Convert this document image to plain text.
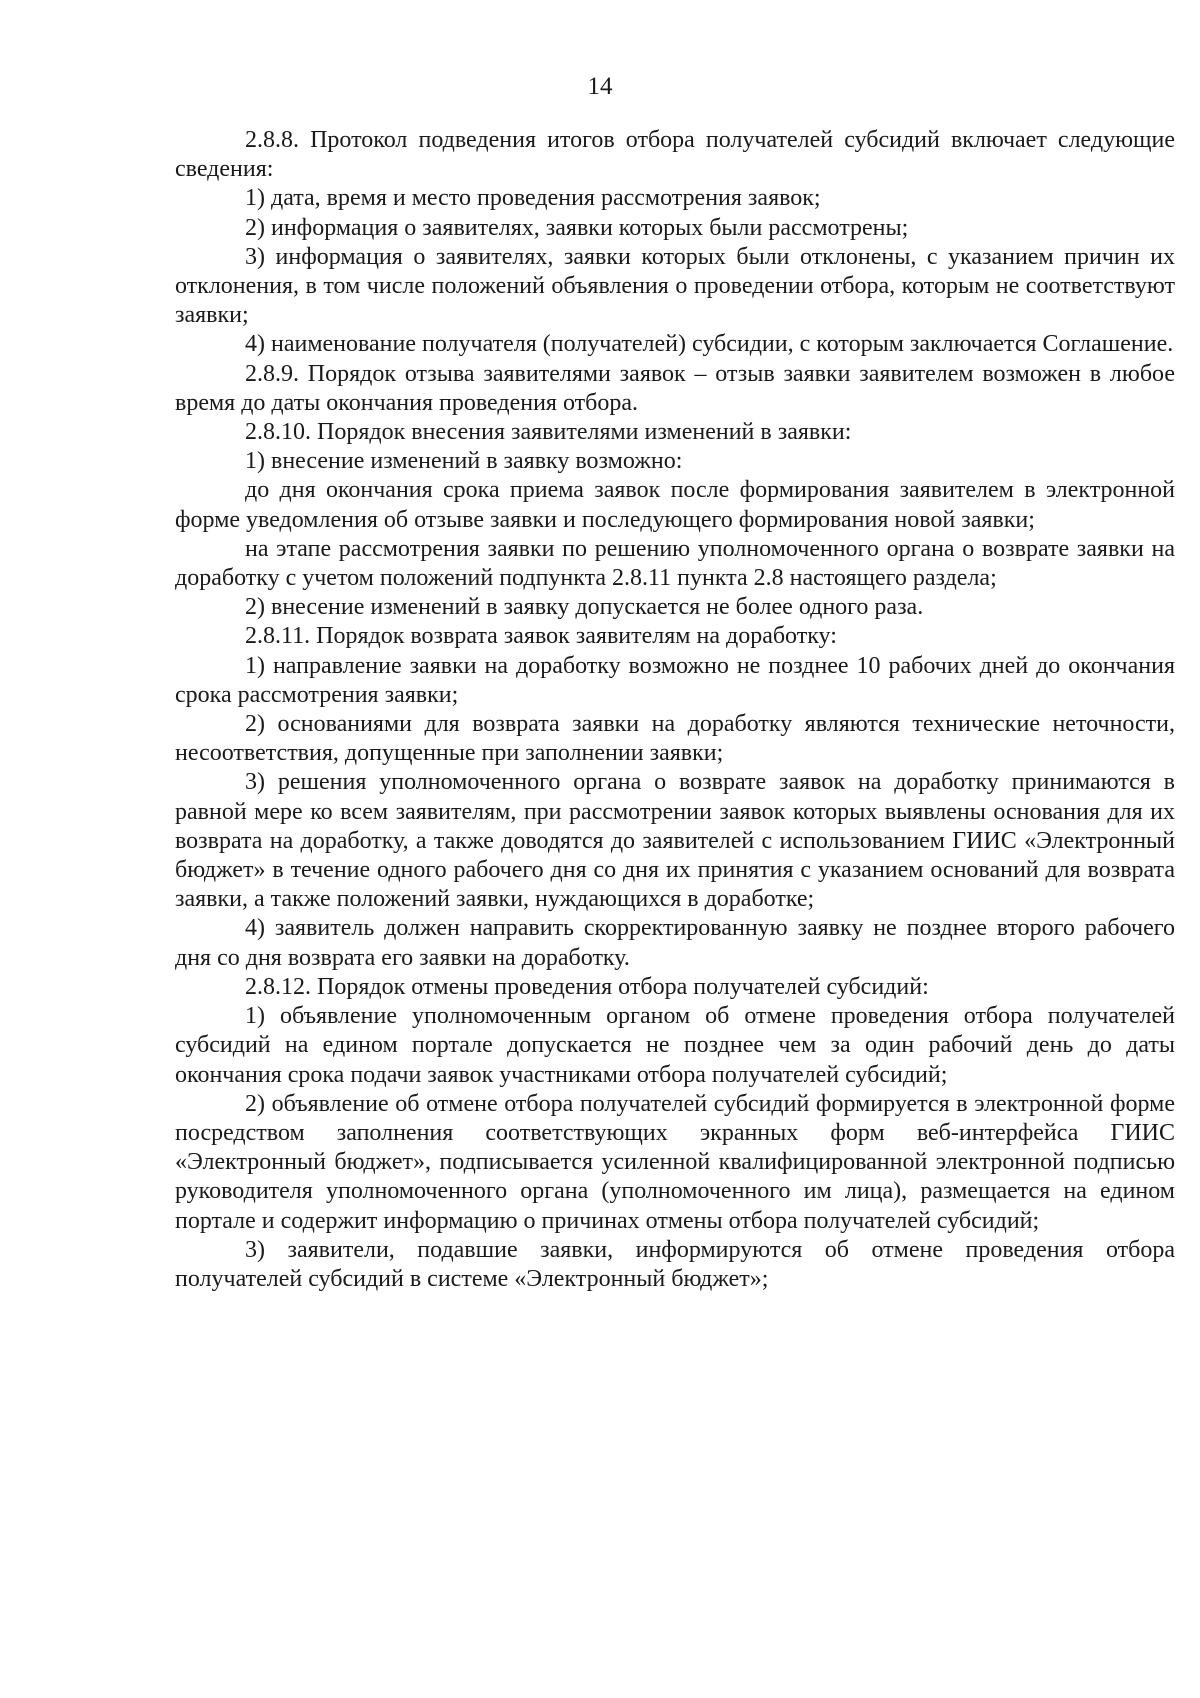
14

2.8.8. Протокол подведения итогов отбора получателей субсидий включает следующие сведения:

1) дата, время и место проведения рассмотрения заявок;

2) информация о заявителях, заявки которых были рассмотрены;

3) информация о заявителях, заявки которых были отклонены, с указанием причин их отклонения, в том числе положений объявления о проведении отбора, которым не соответствуют заявки;

4) наименование получателя (получателей) субсидии, с которым заключается Соглашение.

2.8.9. Порядок отзыва заявителями заявок – отзыв заявки заявителем возможен в любое время до даты окончания проведения отбора.

2.8.10. Порядок внесения заявителями изменений в заявки:

1) внесение изменений в заявку возможно:

до дня окончания срока приема заявок после формирования заявителем в электронной форме уведомления об отзыве заявки и последующего формирования новой заявки;

на этапе рассмотрения заявки по решению уполномоченного органа о возврате заявки на доработку с учетом положений подпункта 2.8.11 пункта 2.8 настоящего раздела;

2) внесение изменений в заявку допускается не более одного раза.

2.8.11. Порядок возврата заявок заявителям на доработку:

1) направление заявки на доработку возможно не позднее 10 рабочих дней до окончания срока рассмотрения заявки;

2) основаниями для возврата заявки на доработку являются технические неточности, несоответствия, допущенные при заполнении заявки;

3) решения уполномоченного органа о возврате заявок на доработку принимаются в равной мере ко всем заявителям, при рассмотрении заявок которых выявлены основания для их возврата на доработку, а также доводятся до заявителей с использованием ГИИС «Электронный бюджет» в течение одного рабочего дня со дня их принятия с указанием оснований для возврата заявки, а также положений заявки, нуждающихся в доработке;

4) заявитель должен направить скорректированную заявку не позднее второго рабочего дня со дня возврата его заявки на доработку.

2.8.12. Порядок отмены проведения отбора получателей субсидий:

1) объявление уполномоченным органом об отмене проведения отбора получателей субсидий на едином портале допускается не позднее чем за один рабочий день до даты окончания срока подачи заявок участниками отбора получателей субсидий;

2) объявление об отмене отбора получателей субсидий формируется в электронной форме посредством заполнения соответствующих экранных форм веб-интерфейса ГИИС «Электронный бюджет», подписывается усиленной квалифицированной электронной подписью руководителя уполномоченного органа (уполномоченного им лица), размещается на едином портале и содержит информацию о причинах отмены отбора получателей субсидий;

3) заявители, подавшие заявки, информируются об отмене проведения отбора получателей субсидий в системе «Электронный бюджет»;
